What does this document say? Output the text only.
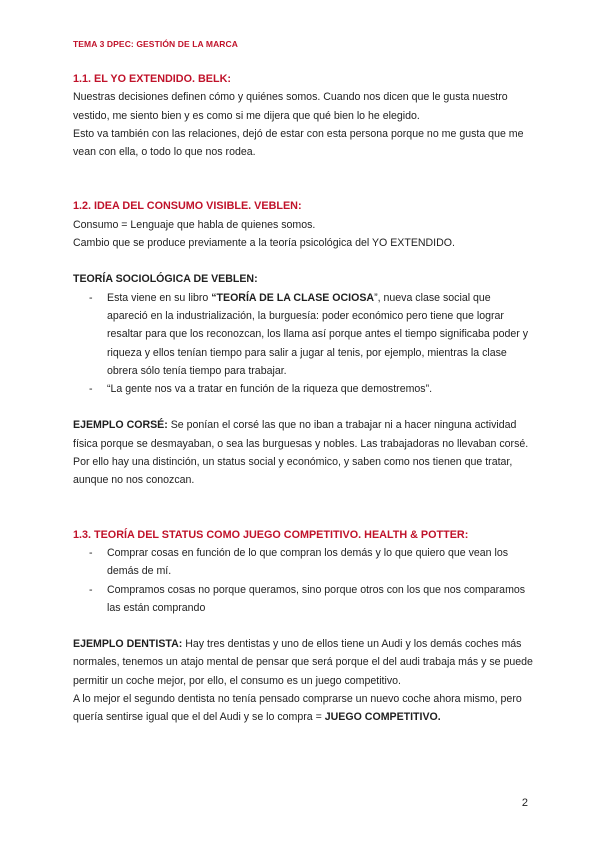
TEMA 3 DPEC: GESTIÓN DE LA MARCA
1.1. EL YO EXTENDIDO. BELK:
Nuestras decisiones definen cómo y quiénes somos. Cuando nos dicen que le gusta nuestro vestido, me siento bien y es como si me dijera que qué bien lo he elegido.
Esto va también con las relaciones, dejó de estar con esta persona porque no me gusta que me vean con ella, o todo lo que nos rodea.
1.2. IDEA DEL CONSUMO VISIBLE. VEBLEN:
Consumo = Lenguaje que habla de quienes somos.
Cambio que se produce previamente a la teoría psicológica del YO EXTENDIDO.
TEORÍA SOCIOLÓGICA DE VEBLEN:
- Esta viene en su libro “TEORÍA DE LA CLASE OCIOSA”, nueva clase social que apareció en la industrialización, la burguesía: poder económico pero tiene que lograr resaltar para que los reconozcan, los llama así porque antes el tiempo significaba poder y riqueza y ellos tenían tiempo para salir a jugar al tenis, por ejemplo, mientras la clase obrera sólo tenía tiempo para trabajar.
- “La gente nos va a tratar en función de la riqueza que demostremos”.
EJEMPLO CORSÉ: Se ponían el corsé las que no iban a trabajar ni a hacer ninguna actividad física porque se desmayaban, o sea las burguesas y nobles. Las trabajadoras no llevaban corsé.
Por ello hay una distinción, un status social y económico, y saben como nos tienen que tratar, aunque no nos conozcan.
1.3. TEORÍA DEL STATUS COMO JUEGO COMPETITIVO. HEALTH & POTTER:
- Comprar cosas en función de lo que compran los demás y lo que quiero que vean los demás de mí.
- Compramos cosas no porque queramos, sino porque otros con los que nos comparamos las están comprando
EJEMPLO DENTISTA: Hay tres dentistas y uno de ellos tiene un Audi y los demás coches más normales, tenemos un atajo mental de pensar que será porque el del audi trabaja más y se puede permitir un coche mejor, por ello, el consumo es un juego competitivo.
A lo mejor el segundo dentista no tenía pensado comprarse un nuevo coche ahora mismo, pero quería sentirse igual que el del Audi y se lo compra = JUEGO COMPETITIVO.
2
